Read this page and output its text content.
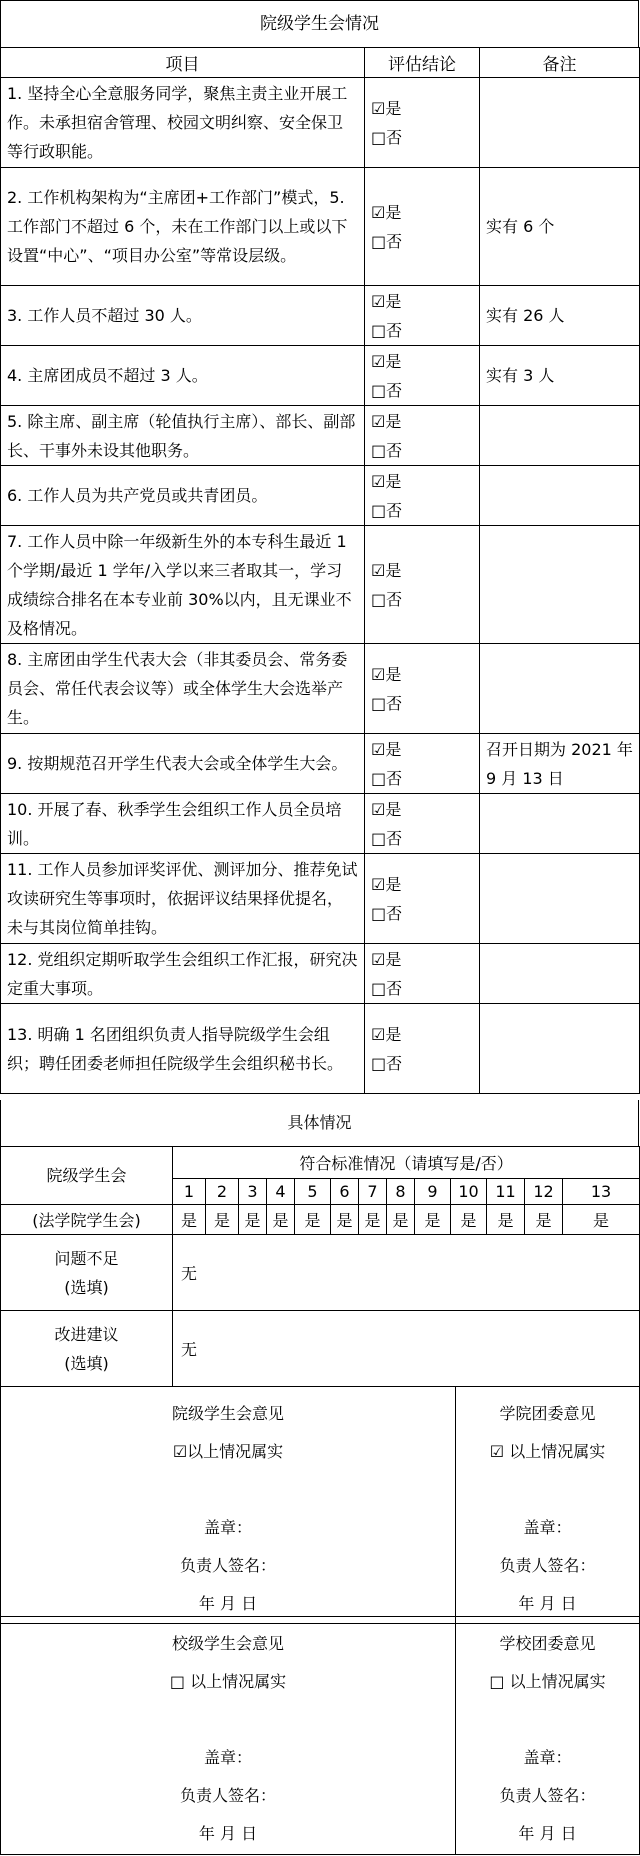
院级学生会情况
项目	评估结论	备注
1. 坚持全心全意服务同学，聚焦主责主业开展工作。未承担宿舍管理、校园文明纠察、安全保卫等行政职能。	☑是
□否	

2. 工作机构架构为“主席团+工作部门”模式，5. 工作部门不超过 6 个，未在工作部门以上或以下设置“中心”、“项目办公室”等常设层级。	☑是
□否	实有 6 个
3. 工作人员不超过 30 人。	☑是
□否	实有 26 人
4. 主席团成员不超过 3 人。	☑是
□否	实有 3 人
5. 除主席、副主席（轮值执行主席）、部长、副部长、干事外未设其他职务。	☑是
□否	

6. 工作人员为共产党员或共青团员。	☑是
□否	

7. 工作人员中除一年级新生外的本专科生最近 1 个学期/最近 1 学年/入学以来三者取其一，学习成绩综合排名在本专业前 30%以内，且无课业不及格情况。	☑是
□否	

8. 主席团由学生代表大会（非其委员会、常务委员会、常任代表会议等）或全体学生大会选举产生。	☑是
□否	

9. 按期规范召开学生代表大会或全体学生大会。	☑是
□否	召开日期为 2021 年 9 月 13 日
10. 开展了春、秋季学生会组织工作人员全员培训。	☑是
□否	

11. 工作人员参加评奖评优、测评加分、推荐免试攻读研究生等事项时，依据评议结果择优提名，未与其岗位简单挂钩。	☑是
□否	

12. 党组织定期听取学生会组织工作汇报，研究决定重大事项。	☑是
□否	

13. 明确 1 名团组织负责人指导院级学生会组织；聘任团委老师担任院级学生会组织秘书长。	☑是
□否	

具体情况
院级学生会	符合标准情况（请填写是/否）												
	1	2	3	4	5	6	7	8	9	10	11	12	13
(法学院学生会)	是	是	是	是	是	是	是	是	是	是	是	是	是

问题不足
(选填)	无												

改进建议
(选填)	无												
院级学生会意见
☑以上情况属实
盖章：
负责人签名：
年 月 日

学院团委意见
☑ 以上情况属实
盖章：
负责人签名：
年 月 日
校级学生会意见
□ 以上情况属实
盖章：
负责人签名：
年 月 日

学校团委意见
□ 以上情况属实
盖章：
负责人签名：
年 月 日
